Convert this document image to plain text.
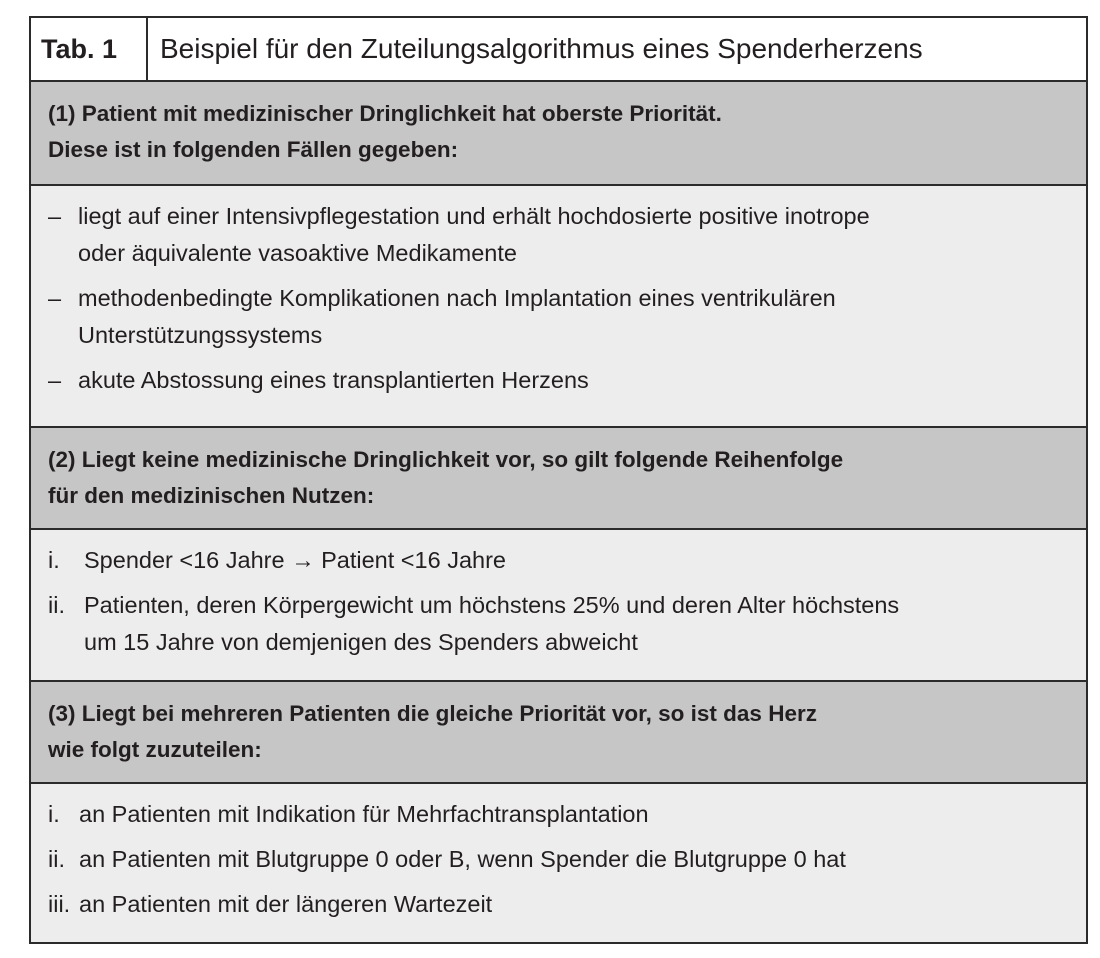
Tab. 1	Beispiel für den Zuteilungsalgorithmus eines Spenderherzens
(1) Patient mit medizinischer Dringlichkeit hat oberste Priorität.
Diese ist in folgenden Fällen gegeben:
– liegt auf einer Intensivpflegestation und erhält hochdosierte positive inotrope
oder äquivalente vasoaktive Medikamente
– methodenbedingte Komplikationen nach Implantation eines ventrikulären
Unterstützungssystems
– akute Abstossung eines transplantierten Herzens
(2) Liegt keine medizinische Dringlichkeit vor, so gilt folgende Reihenfolge
für den medizinischen Nutzen:
i.	Spender <16 Jahre → Patient <16 Jahre
ii. Patienten, deren Körpergewicht um höchstens 25% und deren Alter höchstens
um 15 Jahre von demjenigen des Spenders abweicht
(3) Liegt bei mehreren Patienten die gleiche Priorität vor, so ist das Herz
wie folgt zuzuteilen:
i. an Patienten mit Indikation für Mehrfachtransplantation
ii. an Patienten mit Blutgruppe 0 oder B, wenn Spender die Blutgruppe 0 hat
iii. an Patienten mit der längeren Wartezeit
